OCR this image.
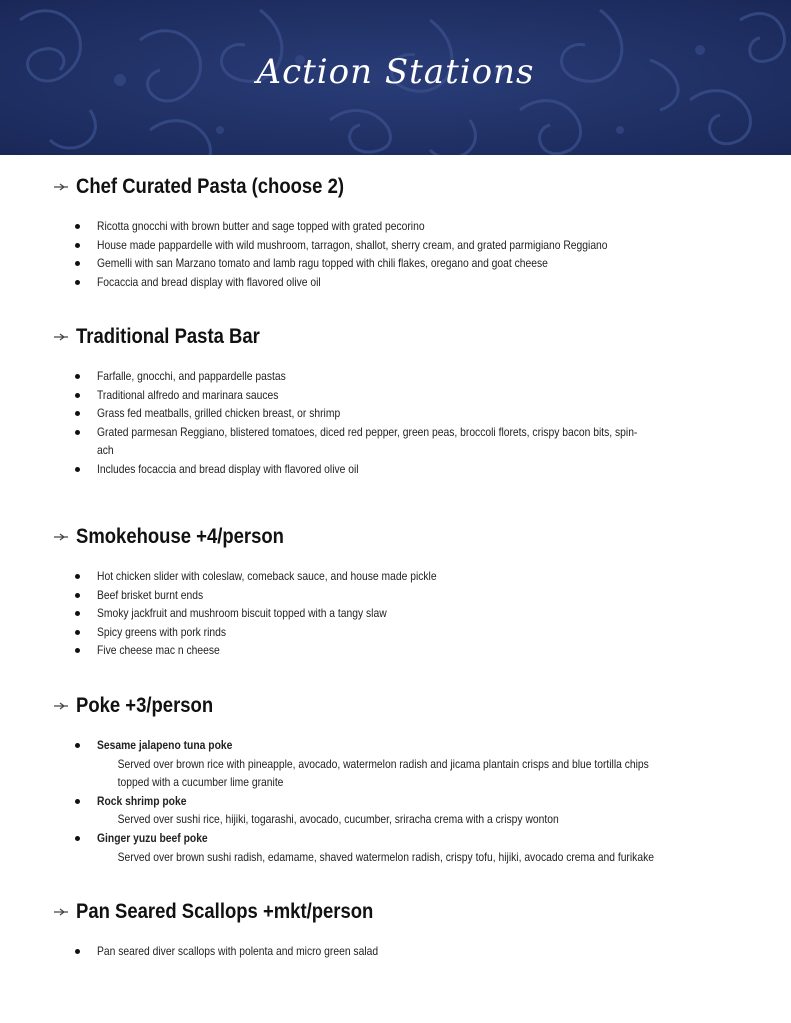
Action Stations
Chef Curated Pasta (choose 2)
Ricotta gnocchi with brown butter and sage topped with grated pecorino
House made pappardelle with wild mushroom, tarragon, shallot, sherry cream, and grated parmigiano Reggiano
Gemelli with san Marzano tomato and lamb ragu topped with chili flakes, oregano and goat cheese
Focaccia and bread display with flavored olive oil
Traditional Pasta Bar
Farfalle, gnocchi, and pappardelle pastas
Traditional alfredo and marinara sauces
Grass fed meatballs, grilled chicken breast, or shrimp
Grated parmesan Reggiano, blistered tomatoes, diced red pepper, green peas, broccoli florets, crispy bacon bits, spin-
ach
Includes focaccia and bread display with flavored olive oil
Smokehouse +4/person
Hot chicken slider with coleslaw, comeback sauce, and house made pickle
Beef brisket burnt ends
Smoky jackfruit and mushroom biscuit topped with a tangy slaw
Spicy greens with pork rinds
Five cheese mac n cheese
Poke +3/person
Sesame jalapeno tuna poke

Served over brown rice with pineapple, avocado, watermelon radish and jicama plantain crisps and blue tortilla chips

topped with a cucumber lime granite
Rock shrimp poke

Served over sushi rice, hijiki, togarashi, avocado, cucumber, sriracha crema with a crispy wonton
Ginger yuzu beef poke

Served over brown sushi radish, edamame, shaved watermelon radish, crispy tofu, hijiki, avocado crema and furikake
Pan Seared Scallops +mkt/person
Pan seared diver scallops with polenta and micro green salad
